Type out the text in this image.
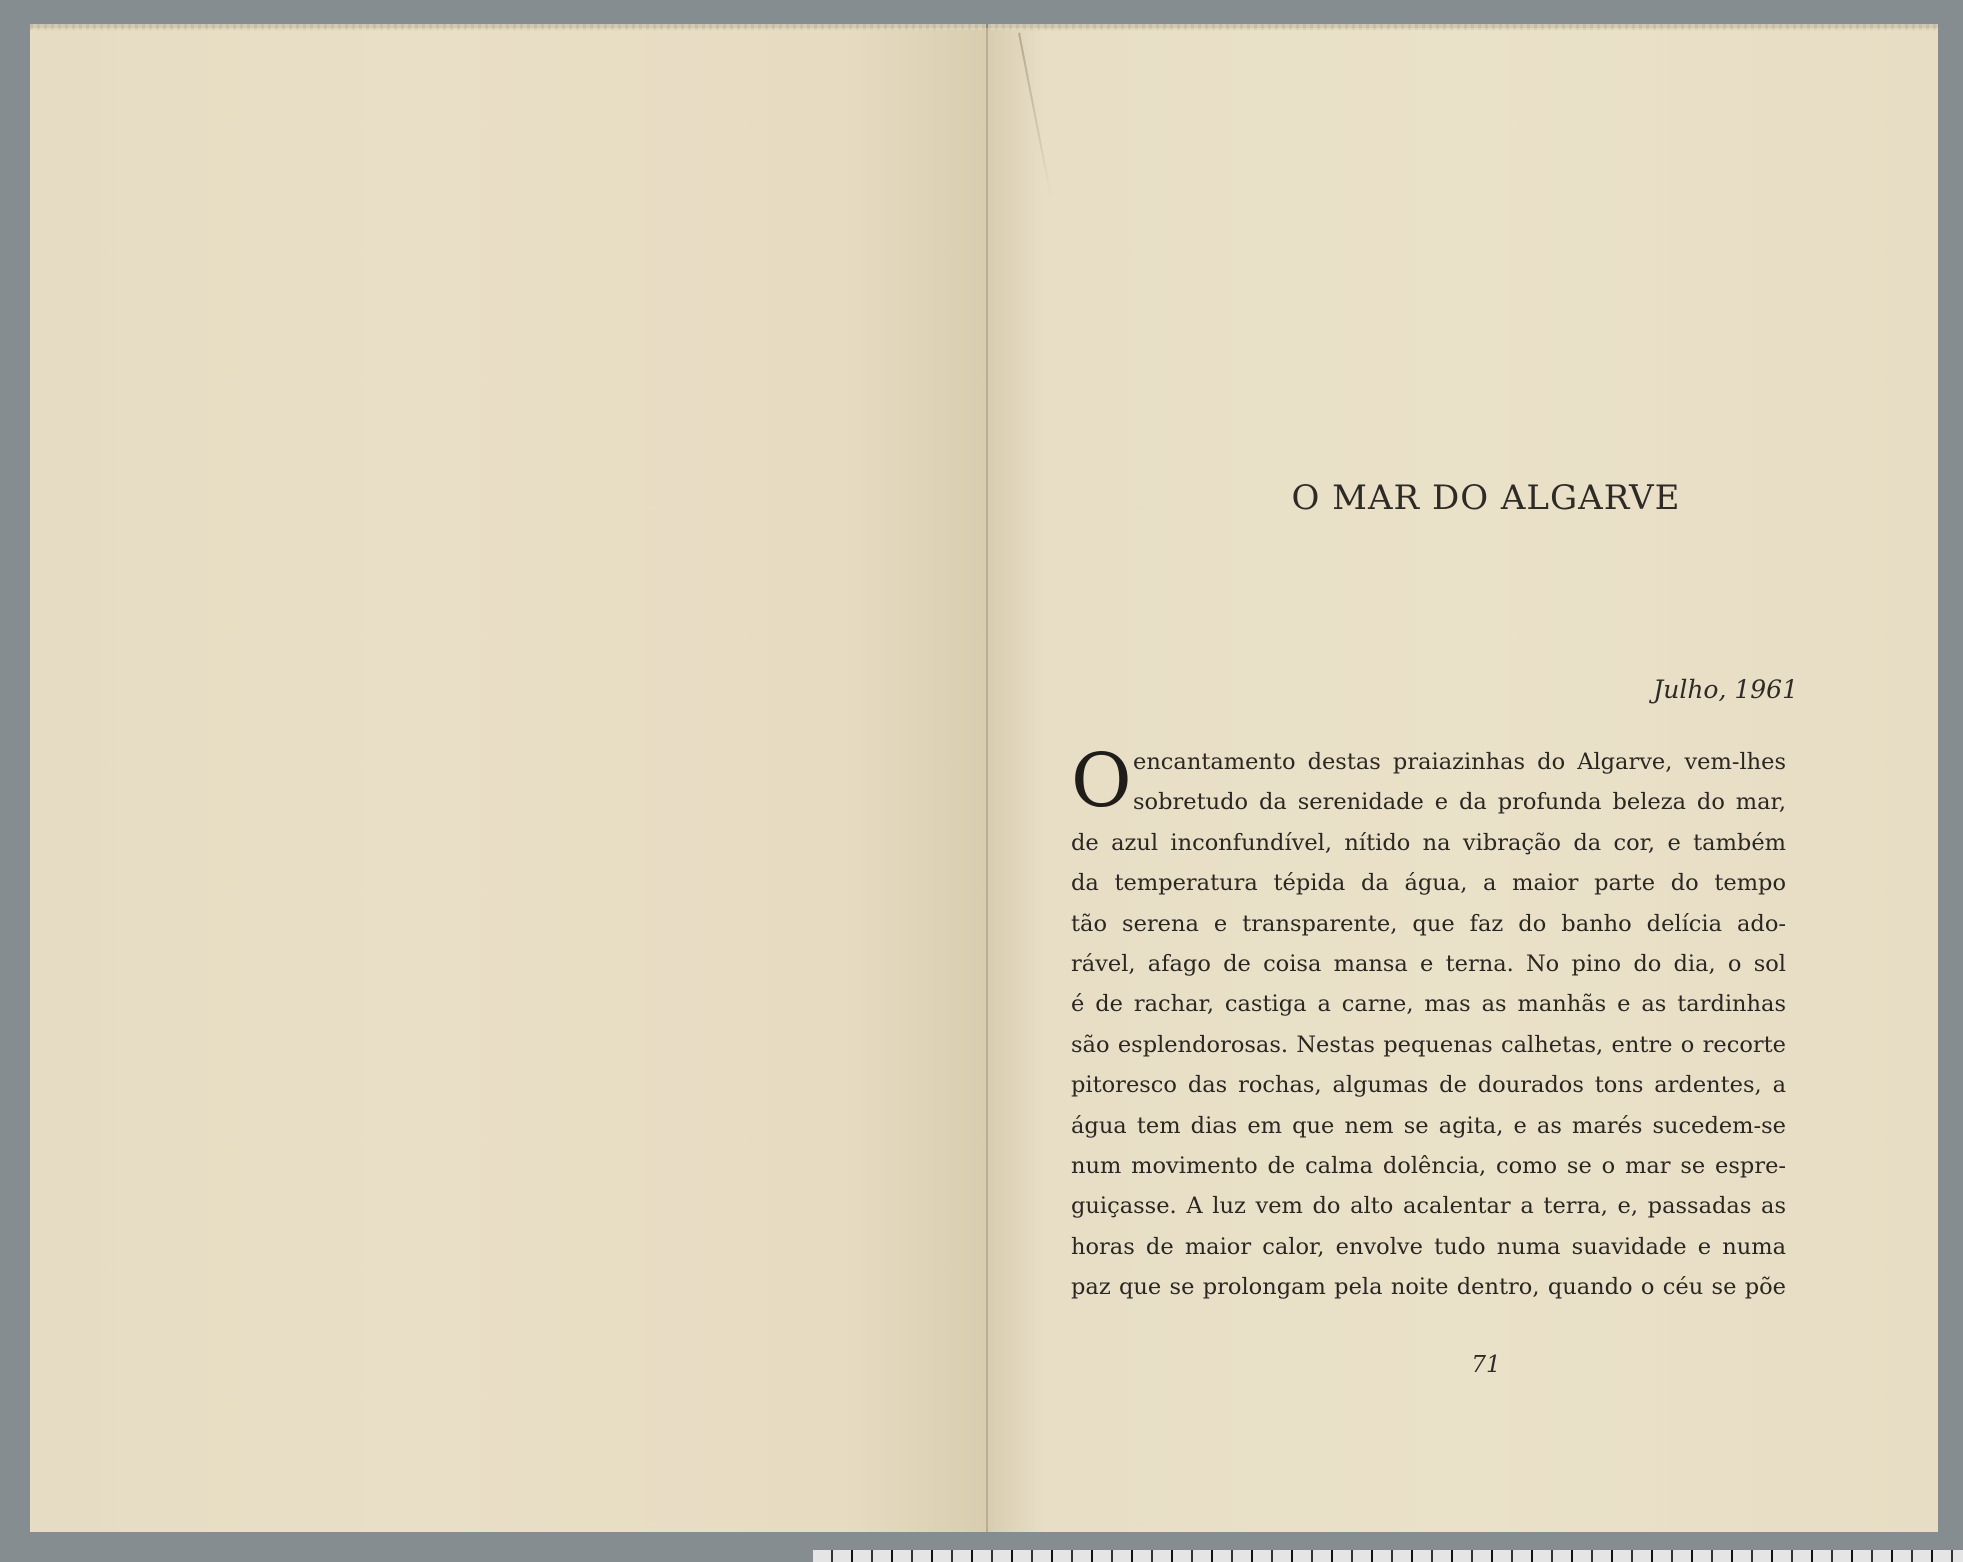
O MAR DO ALGARVE
Julho, 1961
O encantamento destas praiazinhas do Algarve, vem-lhes
sobretudo da serenidade e da profunda beleza do mar,
de azul inconfundível, nítido na vibração da cor, e também
da temperatura tépida da água, a maior parte do tempo
tão serena e transparente, que faz do banho delícia ado-
rável, afago de coisa mansa e terna. No pino do dia, o sol
é de rachar, castiga a carne, mas as manhãs e as tardinhas
são esplendorosas. Nestas pequenas calhetas, entre o recorte
pitoresco das rochas, algumas de dourados tons ardentes, a
água tem dias em que nem se agita, e as marés sucedem-se
num movimento de calma dolência, como se o mar se espre-
guiçasse. A luz vem do alto acalentar a terra, e, passadas as
horas de maior calor, envolve tudo numa suavidade e numa
paz que se prolongam pela noite dentro, quando o céu se põe
71
